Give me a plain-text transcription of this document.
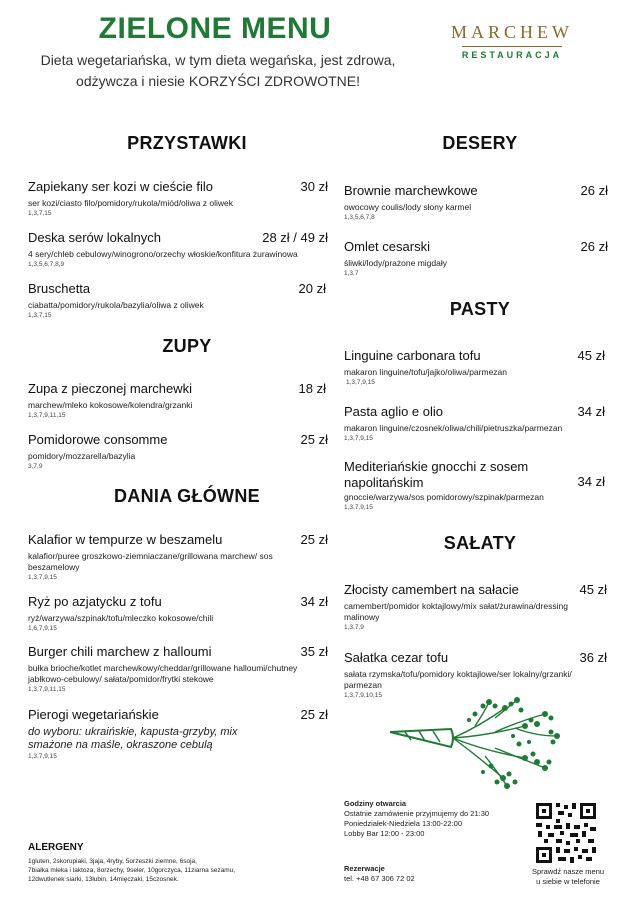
ZIELONE MENU
Dieta wegetariańska, w tym dieta wegańska, jest zdrowa,
odżywcza i niesie KORZYŚCI ZDROWOTNE!
MARCHEW
RESTAURACJA
PRZYSTAWKI
Zapiekany ser kozi w cieście filo	30 zł
ser kozi/ciasto filo/pomidory/rukola/miód/oliwa z oliwek
1,3,7,15
Deska serów lokalnych	28 zł / 49 zł
4 sery/chleb cebulowy/winogrono/orzechy włoskie/konfitura żurawinowa
1,3,5,6,7,8,9
Bruschetta	20 zł
ciabatta/pomidory/rukola/bazylia/oliwa z oliwek
1,3,7,15
ZUPY
Zupa z pieczonej marchewki	18 zł
marchew/mleko kokosowe/kolendra/grzanki
1,3,7,9,11,15
Pomidorowe consomme	25 zł
pomidory/mozzarella/bazylia
3,7,9
DANIA GŁÓWNE
Kalafior w tempurze w beszamelu	25 zł
kalafior/puree groszkowo-ziemniaczane/grillowana marchew/ sos beszamelowy
1,3,7,9,15
Ryż po azjatycku z tofu	34 zł
ryż/warzywa/szpinak/tofu/mleczko kokosowe/chili
1,6,7,9,15
Burger chili marchew z halloumi	35 zł
bułka brioche/kotlet marchewkowy/cheddar/grillowane halloumi/chutney jabłkowo-cebulowy/ sałata/pomidor/frytki stekowe
1,3,7,9,11,15
Pierogi wegetariańskie	25 zł
do wyboru: ukraińskie, kapusta-grzyby, mix smażone na maśle, okraszone cebulą
1,3,7,9,15
DESERY
Brownie marchewkowe	26 zł
owocowy coulis/lody słony karmel
1,3,5,6,7,8
Omlet cesarski	26 zł
śliwki/lody/prażone migdały
1,3,7
PASTY
Linguine carbonara tofu	45 zł
makaron linguine/tofu/jajko/oliwa/parmezan
1,3,7,9,15
Pasta aglio e olio	34 zł
makaron linguine/czosnek/oliwa/chili/pietruszka/parmezan
1,3,7,9,15
Mediteriańskie gnocchi z sosem
napolitańskim	34 zł
gnoccie/warzywa/sos pomidorowy/szpinak/parmezan
1,3,7,9,15
SAŁATY
Złocisty camembert na sałacie	45 zł
camembert/pomidor koktajlowy/mix sałat/żurawina/dressing malinowy
1,3,7,9
Sałatka cezar tofu	36 zł
sałata rzymska/tofu/pomidory koktajlowe/ser lokalny/grzanki/ parmezan
1,3,7,9,10,15
Godziny otwarcia
Ostatnie zamówienie przyjmujemy do 21:30
Poniedziałek-Niedziela 13:00-22:00
Lobby Bar 12:00 - 23:00
Rezerwacje
tel. +48 67 306 72 02
Sprawdź nasze menu
u siebie w telefonie
ALERGENY
1gluten, 2skorupiaki, 3jaja, 4ryby, 5orzeszki ziemne, 6soja,
7białka mleka i laktoza, 8orzechy, 9seler, 10gorczyca, 11ziarna sezamu,
12dwutlenek siarki, 13łubin, 14mięczaki, 15czosnek.
